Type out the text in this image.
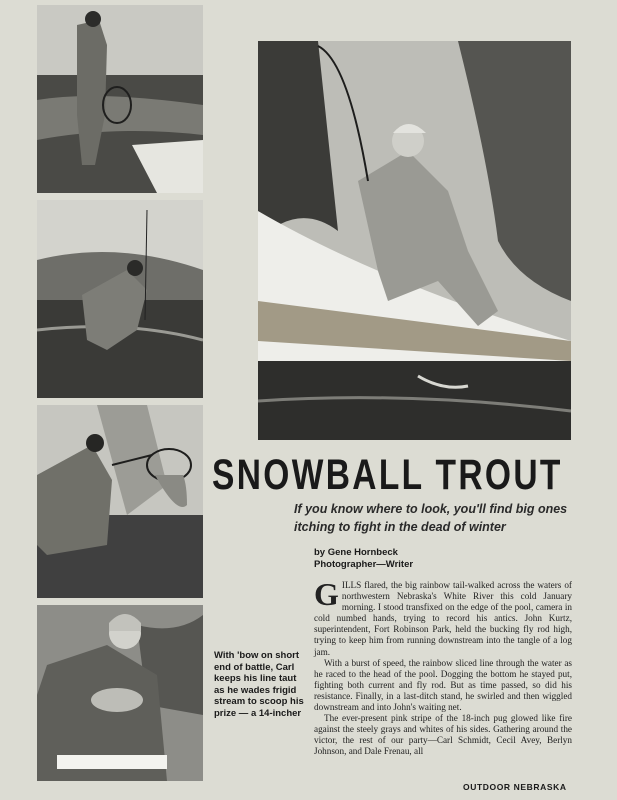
With 'bow on short end of battle, Carl keeps his line taut as he wades frigid stream to scoop his prize — a 14-incher
SNOWBALL TROUT
If you know where to look, you'll find big ones itching to fight in the dead of winter
by Gene Hornbeck
Photographer—Writer

GILLS flared, the big rainbow tail-walked across the waters of northwestern Nebraska's White River this cold January morning. I stood transfixed on the edge of the pool, camera in cold numbed hands, trying to record his antics. John Kurtz, superintendent, Fort Robinson Park, held the bucking fly rod high, trying to keep him from running downstream into the tangle of a log jam.

With a burst of speed, the rainbow sliced line through the water as he raced to the head of the pool. Dogging the bottom he stayed put, fighting both current and fly rod. But as time passed, so did his resistance. Finally, in a last-ditch stand, he swirled and then wiggled downstream and into John's waiting net.

The ever-present pink stripe of the 18-inch pug glowed like fire against the steely grays and whites of his sides. Gathering around the victor, the rest of our party—Carl Schmidt, Cecil Avey, Berlyn Johnson, and Dale Frenau, all

OUTDOOR NEBRASKA
